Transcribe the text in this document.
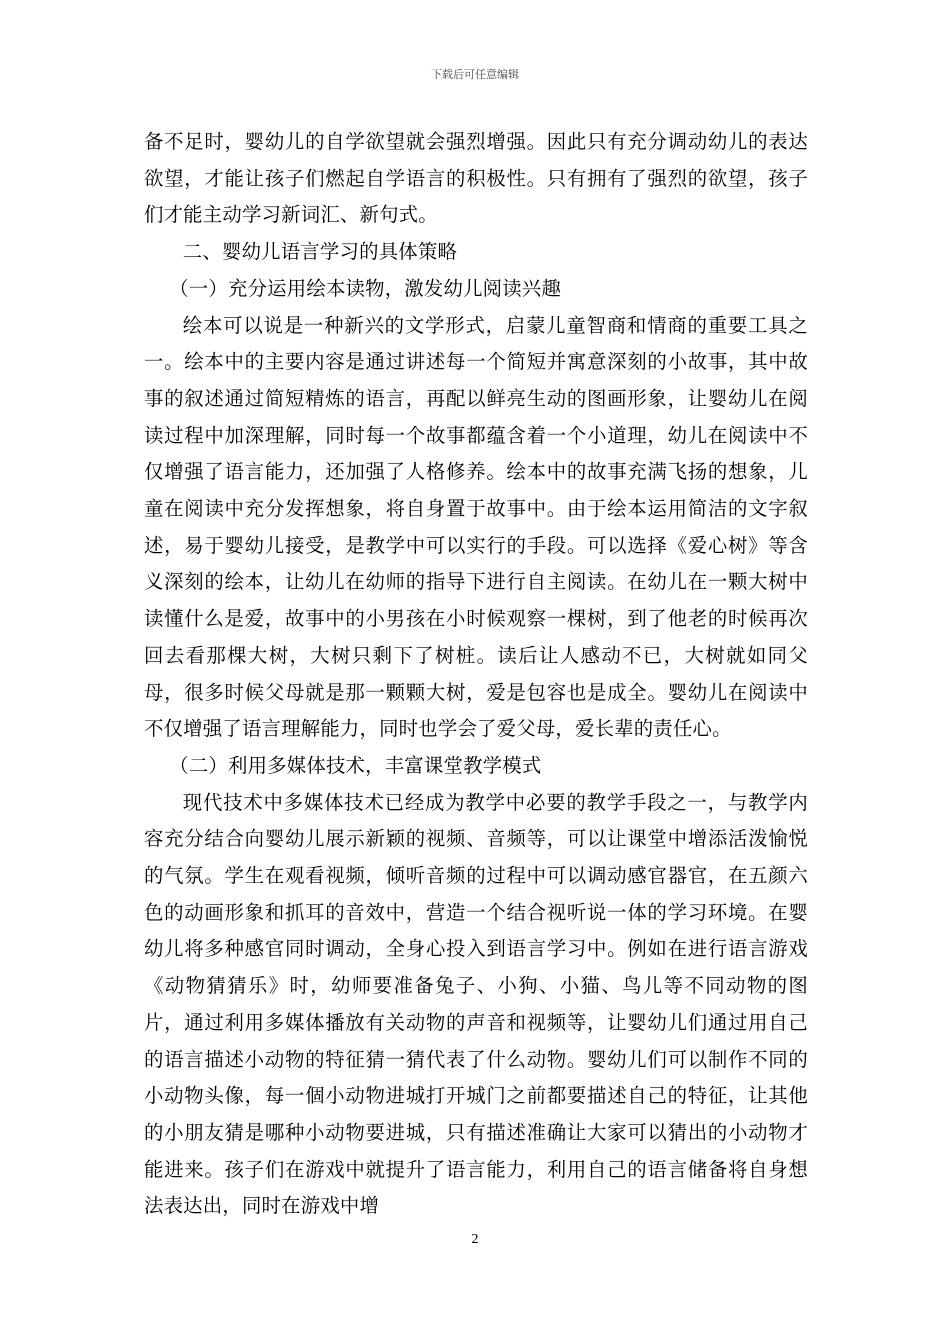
下载后可任意编辑

备不足时，婴幼儿的自学欲望就会强烈增强。因此只有充分调动幼儿的表达欲望，才能让孩子们燃起自学语言的积极性。只有拥有了强烈的欲望，孩子们才能主动学习新词汇、新句式。

二、婴幼儿语言学习的具体策略

（一）充分运用绘本读物，激发幼儿阅读兴趣

绘本可以说是一种新兴的文学形式，启蒙儿童智商和情商的重要工具之一。绘本中的主要内容是通过讲述每一个简短并寓意深刻的小故事，其中故事的叙述通过简短精炼的语言，再配以鲜亮生动的图画形象，让婴幼儿在阅读过程中加深理解，同时每一个故事都蕴含着一个小道理，幼儿在阅读中不仅增强了语言能力，还加强了人格修养。绘本中的故事充满飞扬的想象，儿童在阅读中充分发挥想象，将自身置于故事中。由于绘本运用简洁的文字叙述，易于婴幼儿接受，是教学中可以实行的手段。可以选择《爱心树》等含义深刻的绘本，让幼儿在幼师的指导下进行自主阅读。在幼儿在一颗大树中读懂什么是爱，故事中的小男孩在小时候观察一棵树，到了他老的时候再次回去看那棵大树，大树只剩下了树桩。读后让人感动不已，大树就如同父母，很多时候父母就是那一颗颗大树，爱是包容也是成全。婴幼儿在阅读中不仅增强了语言理解能力，同时也学会了爱父母，爱长辈的责任心。

（二）利用多媒体技术，丰富课堂教学模式

现代技术中多媒体技术已经成为教学中必要的教学手段之一，与教学内容充分结合向婴幼儿展示新颖的视频、音频等，可以让课堂中增添活泼愉悦的气氛。学生在观看视频，倾听音频的过程中可以调动感官器官，在五颜六色的动画形象和抓耳的音效中，营造一个结合视听说一体的学习环境。在婴幼儿将多种感官同时调动，全身心投入到语言学习中。例如在进行语言游戏《动物猜猜乐》时，幼师要准备兔子、小狗、小猫、鸟儿等不同动物的图片，通过利用多媒体播放有关动物的声音和视频等，让婴幼儿们通过用自己的语言描述小动物的特征猜一猜代表了什么动物。婴幼儿们可以制作不同的小动物头像，每一個小动物进城打开城门之前都要描述自己的特征，让其他的小朋友猜是哪种小动物要进城，只有描述准确让大家可以猜出的小动物才能进来。孩子们在游戏中就提升了语言能力，利用自己的语言储备将自身想法表达出，同时在游戏中增

2
